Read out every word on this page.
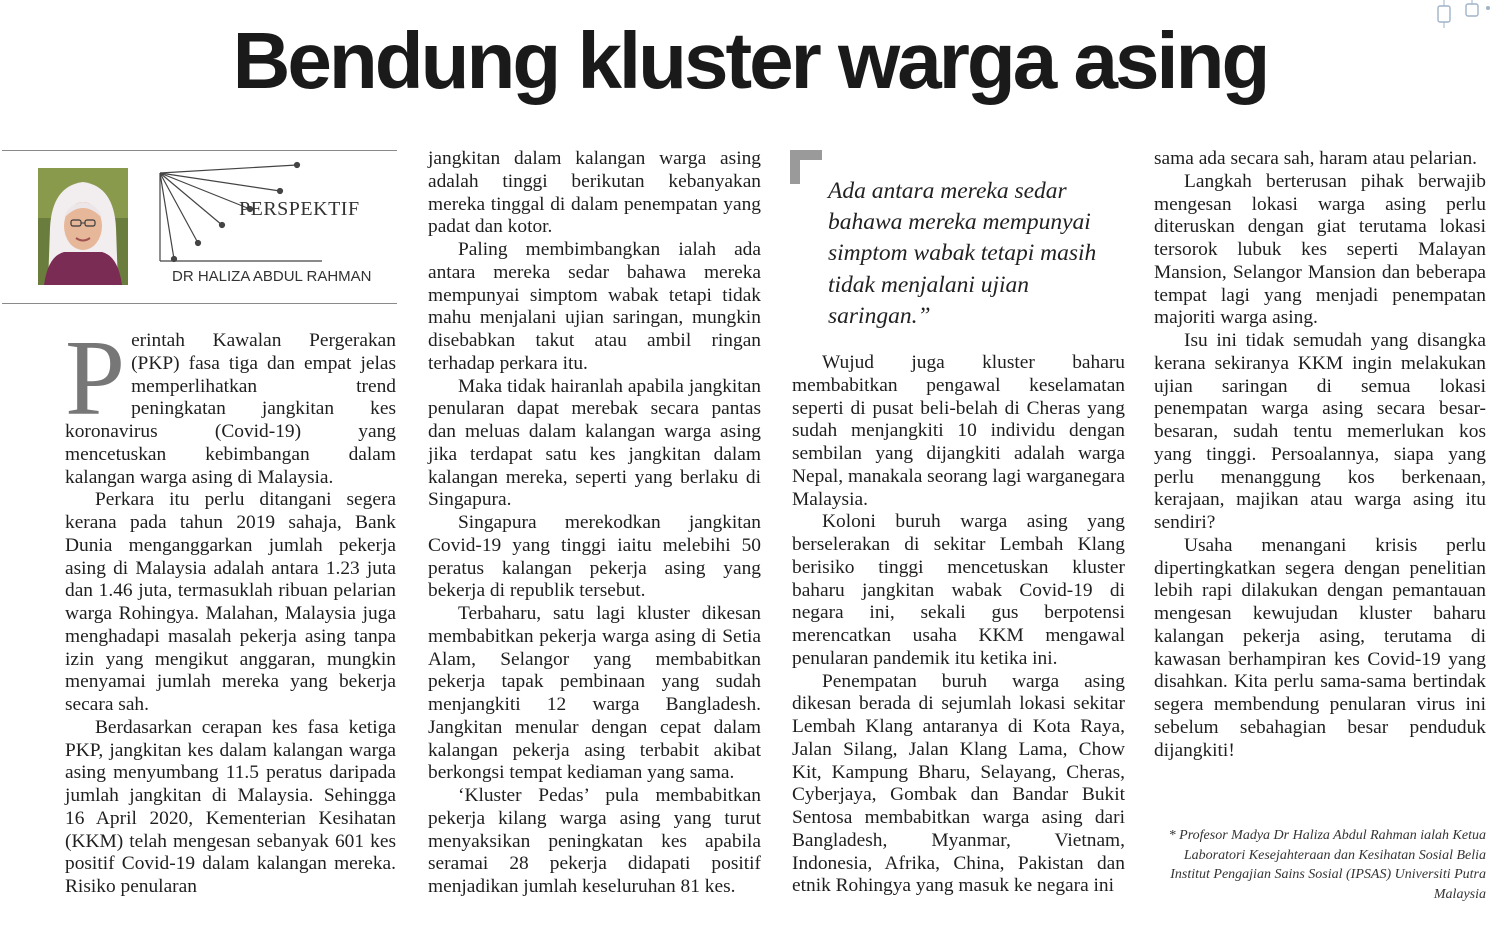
Bendung kluster warga asing
PERSPEKTIF
DR HALIZA ABDUL RAHMAN

Perintah Kawalan Pergerakan (PKP) fasa tiga dan empat jelas memperlihatkan trend peningkatan jangkitan kes koronavirus (Covid-19) yang mencetuskan kebimbangan dalam kalangan warga asing di Malaysia.

Perkara itu perlu ditangani segera kerana pada tahun 2019 sahaja, Bank Dunia menganggarkan jumlah pekerja asing di Malaysia adalah antara 1.23 juta dan 1.46 juta, termasuklah ribuan pelarian warga Rohingya. Malahan, Malaysia juga menghadapi masalah pekerja asing tanpa izin yang mengikut anggaran, mungkin menyamai jumlah mereka yang bekerja secara sah.

Berdasarkan cerapan kes fasa ketiga PKP, jangkitan kes dalam kalangan warga asing menyumbang 11.5 peratus daripada jumlah jangkitan di Malaysia. Sehingga 16 April 2020, Kementerian Kesihatan (KKM) telah mengesan sebanyak 601 kes positif Covid-19 dalam kalangan mereka. Risiko penularan

jangkitan dalam kalangan warga asing adalah tinggi berikutan kebanyakan mereka tinggal di dalam penempatan yang padat dan kotor.

Paling membimbangkan ialah ada antara mereka sedar bahawa mereka mempunyai simptom wabak tetapi tidak mahu menjalani ujian saringan, mungkin disebabkan takut atau ambil ringan terhadap perkara itu.

Maka tidak hairanlah apabila jangkitan penularan dapat merebak secara pantas dan meluas dalam kalangan warga asing jika terdapat satu kes jangkitan dalam kalangan mereka, seperti yang berlaku di Singapura.

Singapura merekodkan jangkitan Covid-19 yang tinggi iaitu melebihi 50 peratus kalangan pekerja asing yang bekerja di republik tersebut.

Terbaharu, satu lagi kluster dikesan membabitkan pekerja warga asing di Setia Alam, Selangor yang membabitkan pekerja tapak pembinaan yang sudah menjangkiti 12 warga Bangladesh. Jangkitan menular dengan cepat dalam kalangan pekerja asing terbabit akibat berkongsi tempat kediaman yang sama.

‘Kluster Pedas’ pula membabitkan pekerja kilang warga asing yang turut menyaksikan peningkatan kes apabila seramai 28 pekerja didapati positif menjadikan jumlah keseluruhan 81 kes.

Ada antara mereka sedar bahawa mereka mempunyai simptom wabak tetapi masih tidak menjalani ujian saringan.”

Wujud juga kluster baharu membabitkan pengawal keselamatan seperti di pusat beli-belah di Cheras yang sudah menjangkiti 10 individu dengan sembilan yang dijangkiti adalah warga Nepal, manakala seorang lagi warganegara Malaysia.

Koloni buruh warga asing yang berselerakan di sekitar Lembah Klang berisiko tinggi mencetuskan kluster baharu jangkitan wabak Covid-19 di negara ini, sekali gus berpotensi merencatkan usaha KKM mengawal penularan pandemik itu ketika ini.

Penempatan buruh warga asing dikesan berada di sejumlah lokasi sekitar Lembah Klang antaranya di Kota Raya, Jalan Silang, Jalan Klang Lama, Chow Kit, Kampung Bharu, Selayang, Cheras, Cyberjaya, Gombak dan Bandar Bukit Sentosa membabitkan warga asing dari Bangladesh, Myanmar, Vietnam, Indonesia, Afrika, China, Pakistan dan etnik Rohingya yang masuk ke negara ini

sama ada secara sah, haram atau pelarian.

Langkah berterusan pihak berwajib mengesan lokasi warga asing perlu diteruskan dengan giat terutama lokasi tersorok lubuk kes seperti Malayan Mansion, Selangor Mansion dan beberapa tempat lagi yang menjadi penempatan majoriti warga asing.

Isu ini tidak semudah yang disangka kerana sekiranya KKM ingin melakukan ujian saringan di semua lokasi penempatan warga asing secara besar-besaran, sudah tentu memerlukan kos yang tinggi. Persoalannya, siapa yang perlu menanggung kos berkenaan, kerajaan, majikan atau warga asing itu sendiri?

Usaha menangani krisis perlu dipertingkatkan segera dengan penelitian lebih rapi dilakukan dengan pemantauan mengesan kewujudan kluster baharu kalangan pekerja asing, terutama di kawasan berhampiran kes Covid-19 yang disahkan. Kita perlu sama-sama bertindak segera membendung penularan virus ini sebelum sebahagian besar penduduk dijangkiti!

* Profesor Madya Dr Haliza Abdul Rahman ialah Ketua Laboratori Kesejahteraan dan Kesihatan Sosial Belia Institut Pengajian Sains Sosial (IPSAS) Universiti Putra Malaysia
